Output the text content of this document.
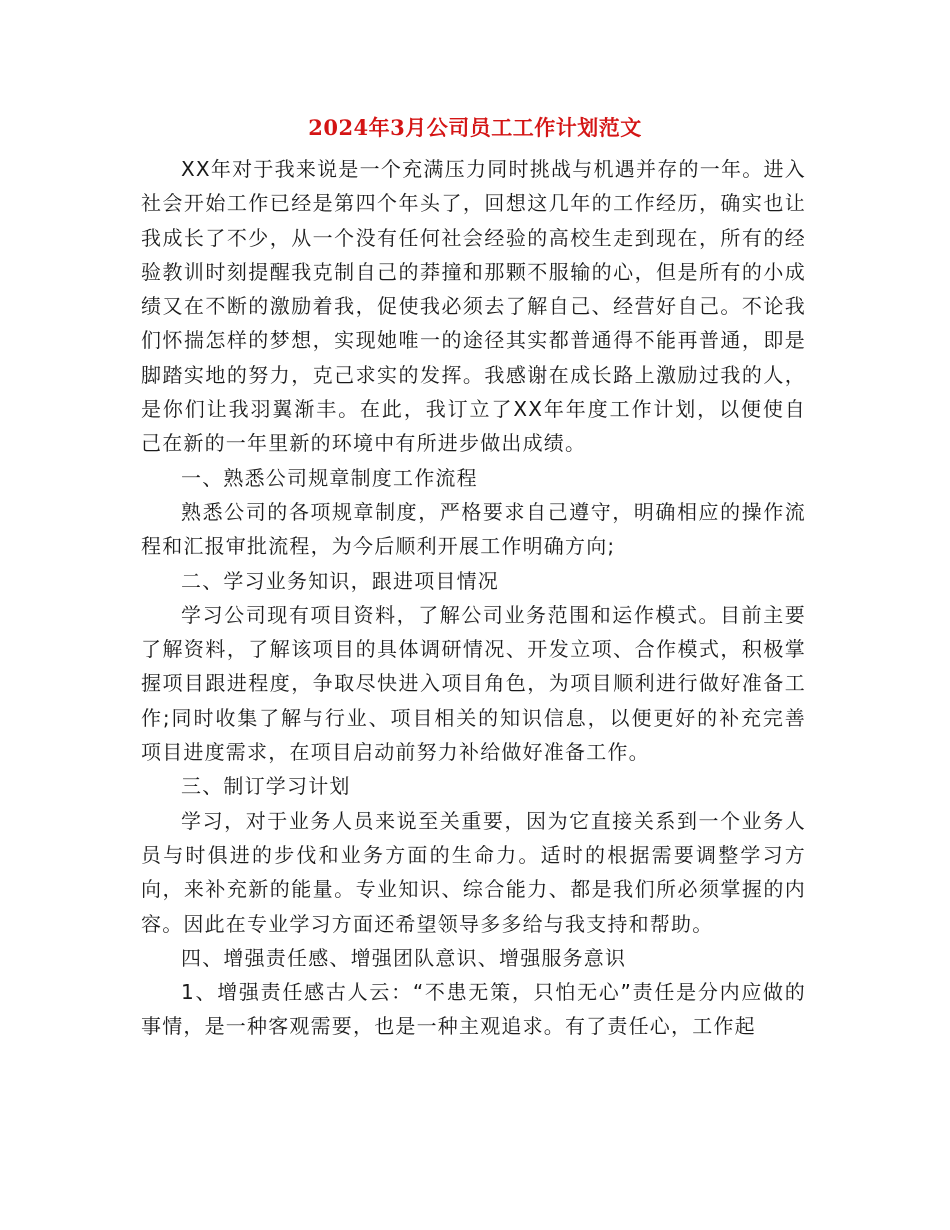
2024年3月公司员工工作计划范文

XX年对于我来说是一个充满压力同时挑战与机遇并存的一年。进入社会开始工作已经是第四个年头了，回想这几年的工作经历，确实也让我成长了不少，从一个没有任何社会经验的高校生走到现在，所有的经验教训时刻提醒我克制自己的莽撞和那颗不服输的心，但是所有的小成绩又在不断的激励着我，促使我必须去了解自己、经营好自己。不论我们怀揣怎样的梦想，实现她唯一的途径其实都普通得不能再普通，即是脚踏实地的努力，克己求实的发挥。我感谢在成长路上激励过我的人，是你们让我羽翼渐丰。在此，我订立了XX年年度工作计划，以便使自己在新的一年里新的环境中有所进步做出成绩。

一、熟悉公司规章制度工作流程

熟悉公司的各项规章制度，严格要求自己遵守，明确相应的操作流程和汇报审批流程，为今后顺利开展工作明确方向;

二、学习业务知识，跟进项目情况

学习公司现有项目资料，了解公司业务范围和运作模式。目前主要了解资料，了解该项目的具体调研情况、开发立项、合作模式，积极掌握项目跟进程度，争取尽快进入项目角色，为项目顺利进行做好准备工作;同时收集了解与行业、项目相关的知识信息，以便更好的补充完善项目进度需求，在项目启动前努力补给做好准备工作。

三、制订学习计划

学习，对于业务人员来说至关重要，因为它直接关系到一个业务人员与时俱进的步伐和业务方面的生命力。适时的根据需要调整学习方向，来补充新的能量。专业知识、综合能力、都是我们所必须掌握的内容。因此在专业学习方面还希望领导多多给与我支持和帮助。

四、增强责任感、增强团队意识、增强服务意识

1、增强责任感古人云：“不患无策，只怕无心”责任是分内应做的事情，是一种客观需要，也是一种主观追求。有了责任心，工作起
